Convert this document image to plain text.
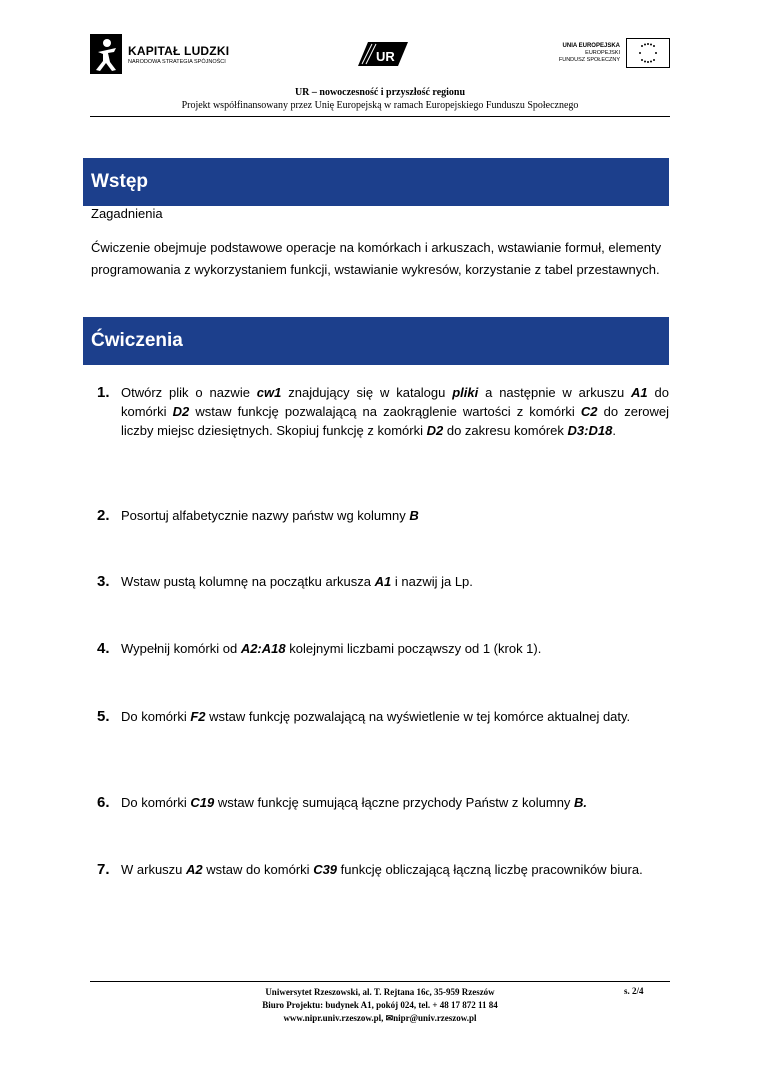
KAPITAŁ LUDZKI
NARODOWA STRATEGIA SPÓJNOŚCI	UR
UNIA EUROPEJSKA
EUROPEJSKI
FUNDUSZ SPOŁECZNY
UR – nowoczesność i przyszłość regionu
Projekt współfinansowany przez Unię Europejską w ramach Europejskiego Funduszu Społecznego
Wstęp
Zagadnienia
Ćwiczenie obejmuje podstawowe operacje na komórkach i arkuszach, wstawianie formuł, elementy programowania z wykorzystaniem funkcji, wstawianie wykresów, korzystanie z tabel przestawnych.
Ćwiczenia
1. Otwórz plik o nazwie cw1 znajdujący się w katalogu pliki a następnie w arkuszu A1 do komórki D2 wstaw funkcję pozwalającą na zaokrąglenie wartości z komórki C2 do zerowej liczby miejsc dziesiętnych. Skopiuj funkcję z komórki D2 do zakresu komórek D3:D18.
2. Posortuj alfabetycznie nazwy państw wg kolumny B
3. Wstaw pustą kolumnę na początku arkusza A1 i nazwij ja Lp.
4. Wypełnij komórki od A2:A18 kolejnymi liczbami począwszy od 1 (krok 1).
5. Do komórki F2 wstaw funkcję pozwalającą na wyświetlenie w tej komórce aktualnej daty.
6. Do komórki C19 wstaw funkcję sumującą łączne przychody Państw z kolumny B.
7. W arkuszu A2 wstaw do komórki C39 funkcję obliczającą łączną liczbę pracowników biura.
Uniwersytet Rzeszowski, al. T. Rejtana 16c, 35-959 Rzeszów
Biuro Projektu: budynek A1, pokój 024, tel. + 48 17 872 11 84
www.nipr.univ.rzeszow.pl, ✉nipr@univ.rzeszow.pl
s. 2/4
